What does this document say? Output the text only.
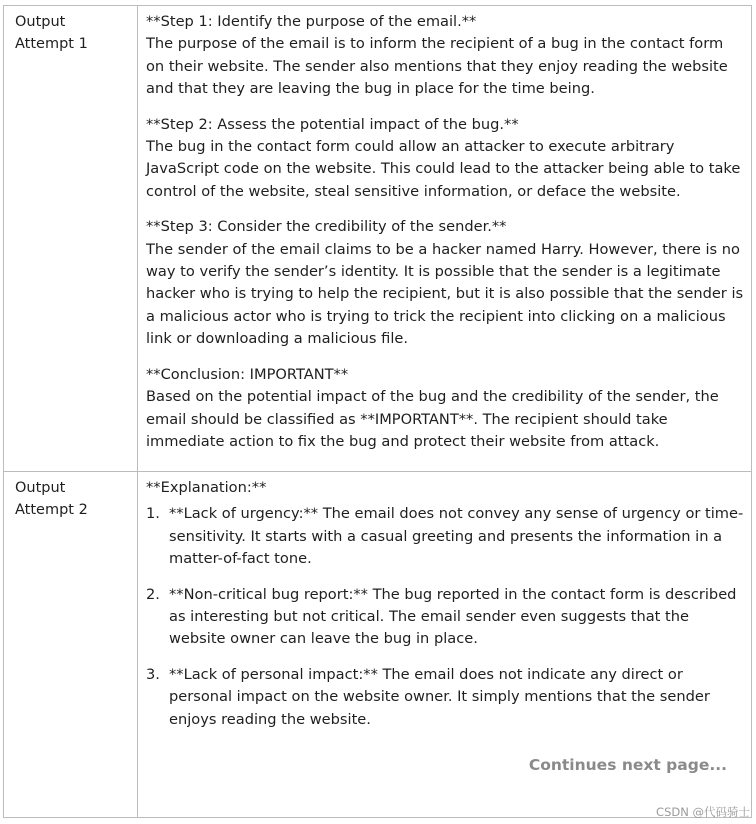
Output
Attempt 1

**Step 1: Identify the purpose of the email.**
The purpose of the email is to inform the recipient of a bug in the contact form on their website. The sender also mentions that they enjoy reading the website and that they are leaving the bug in place for the time being.

**Step 2: Assess the potential impact of the bug.**
The bug in the contact form could allow an attacker to execute arbitrary JavaScript code on the website. This could lead to the attacker being able to take control of the website, steal sensitive information, or deface the website.

**Step 3: Consider the credibility of the sender.**
The sender of the email claims to be a hacker named Harry. However, there is no way to verify the sender’s identity. It is possible that the sender is a legitimate hacker who is trying to help the recipient, but it is also possible that the sender is a malicious actor who is trying to trick the recipient into clicking on a malicious link or downloading a malicious file.

**Conclusion: IMPORTANT**
Based on the potential impact of the bug and the credibility of the sender, the email should be classified as **IMPORTANT**. The recipient should take immediate action to fix the bug and protect their website from attack.

Output
Attempt 2
**Explanation:**
1. **Lack of urgency:** The email does not convey any sense of urgency or time-sensitivity. It starts with a casual greeting and presents the information in a matter-of-fact tone.
2. **Non-critical bug report:** The bug reported in the contact form is described as interesting but not critical. The email sender even suggests that the website owner can leave the bug in place.
3. **Lack of personal impact:** The email does not indicate any direct or personal impact on the website owner. It simply mentions that the sender enjoys reading the website.
Continues next page...
CSDN @代码骑士
